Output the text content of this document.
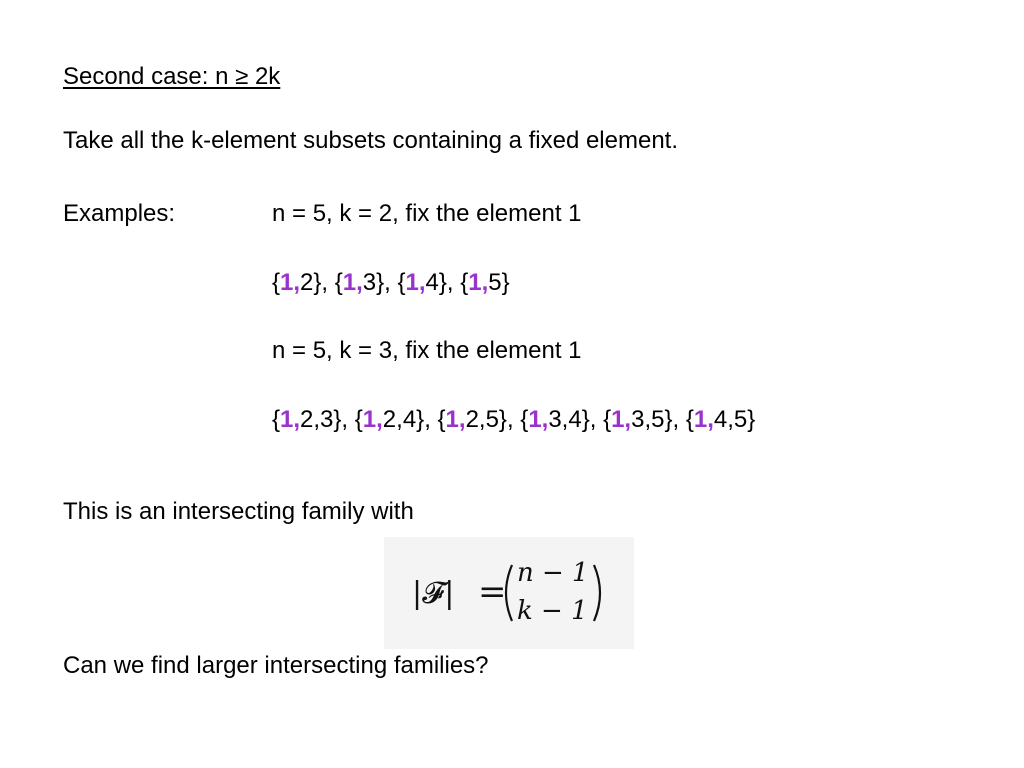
Second case: n ≥ 2k
Take all the k-element subsets containing a fixed element.
Examples:	n = 5, k = 2, fix the element 1
{1,2}, {1,3}, {1,4}, {1,5}
n = 5, k = 3, fix the element 1
{1,2,3}, {1,2,4}, {1,2,5}, {1,3,4}, {1,3,5}, {1,4,5}
This is an intersecting family with
|𝓕| = n − 1
k − 1
Can we find larger intersecting families?
